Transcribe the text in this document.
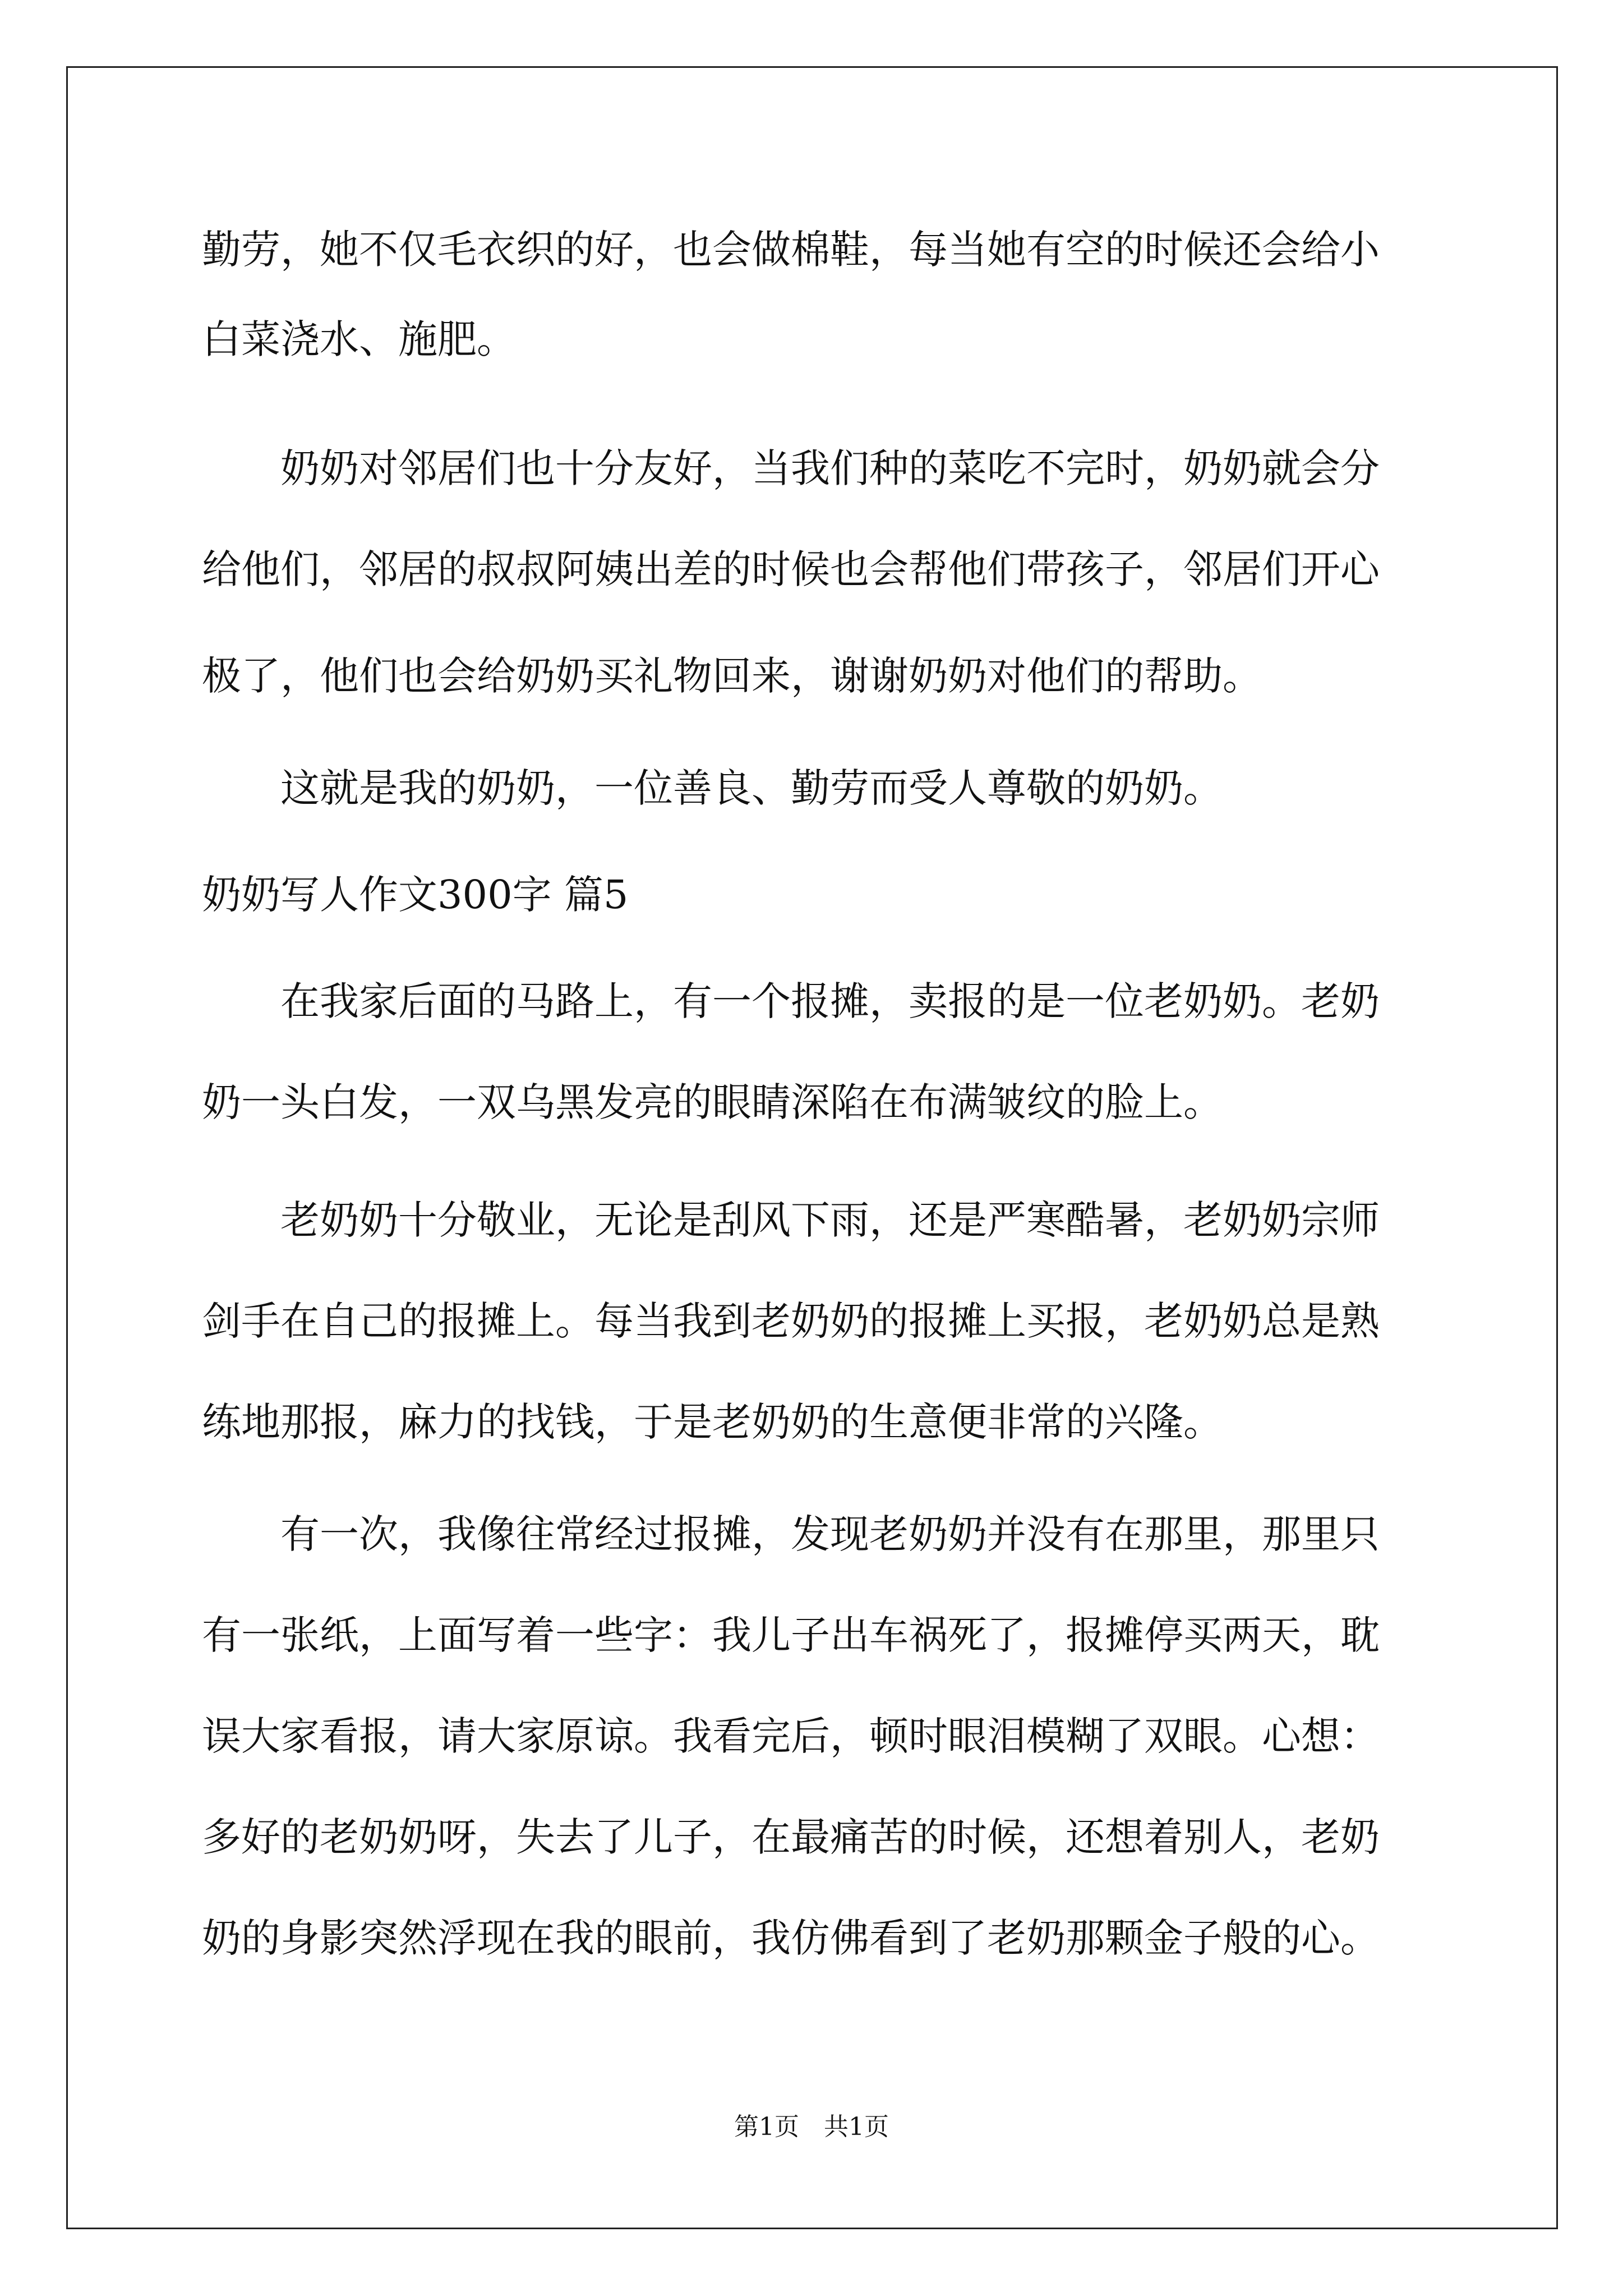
勤劳，她不仅毛衣织的好，也会做棉鞋，每当她有空的时候还会给小
白菜浇水、施肥。
奶奶对邻居们也十分友好，当我们种的菜吃不完时，奶奶就会分
给他们，邻居的叔叔阿姨出差的时候也会帮他们带孩子，邻居们开心
极了，他们也会给奶奶买礼物回来，谢谢奶奶对他们的帮助。
这就是我的奶奶，一位善良、勤劳而受人尊敬的奶奶。
奶奶写人作文300字 篇5
在我家后面的马路上，有一个报摊，卖报的是一位老奶奶。老奶
奶一头白发，一双乌黑发亮的眼睛深陷在布满皱纹的脸上。
老奶奶十分敬业，无论是刮风下雨，还是严寒酷暑，老奶奶宗师
剑手在自己的报摊上。每当我到老奶奶的报摊上买报，老奶奶总是熟
练地那报，麻力的找钱，于是老奶奶的生意便非常的兴隆。
有一次，我像往常经过报摊，发现老奶奶并没有在那里，那里只
有一张纸，上面写着一些字：我儿子出车祸死了，报摊停买两天，耽
误大家看报，请大家原谅。我看完后，顿时眼泪模糊了双眼。心想：
多好的老奶奶呀，失去了儿子，在最痛苦的时候，还想着别人，老奶
奶的身影突然浮现在我的眼前，我仿佛看到了老奶那颗金子般的心。
第1页　共1页
